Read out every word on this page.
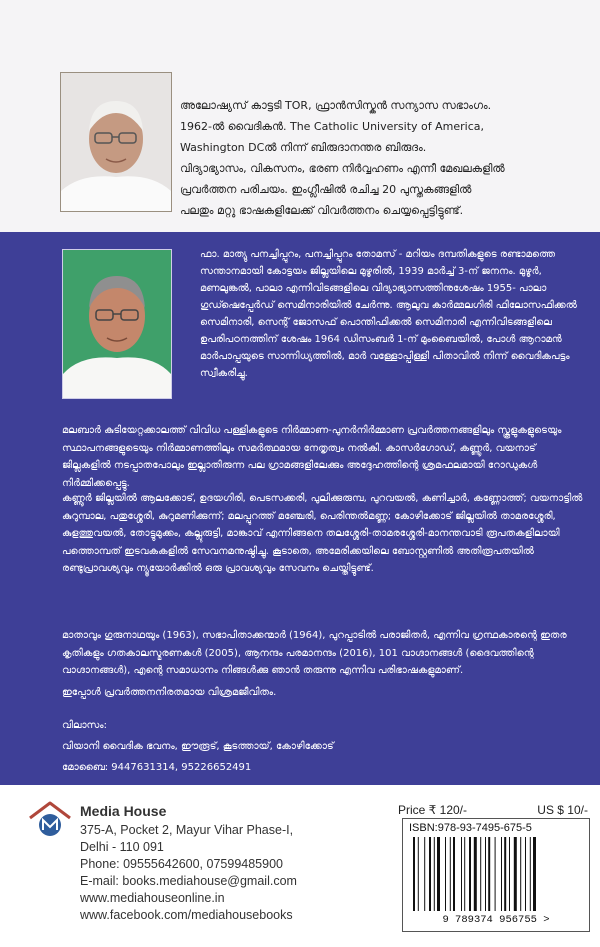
അലോഷ്യസ് കാട്ടടി TOR, ഫ്രാൻസിസ്കൻ സന്യാസ സഭാംഗം.
1962-ൽ വൈദികൻ. The Catholic University of America,
Washington DCൽ നിന്ന് ബിരുദാനന്തര ബിരുദം.
വിദ്യാഭ്യാസം, വികസനം, ഭരണ നിർവ്വഹണം എന്നീ മേഖലകളിൽ
പ്രവർത്തന പരിചയം. ഇംഗ്ലീഷിൽ രചിച്ച 20 പുസ്തകങ്ങളിൽ
പലതും മറ്റു ഭാഷകളിലേക്ക് വിവർത്തനം ചെയ്യപ്പെട്ടിട്ടുണ്ട്.
ഫാ. മാത്യു പനച്ചിപ്പുറം, പനച്ചിപ്പുറം തോമസ് - മറിയം ദമ്പതികളുടെ രണ്ടാമത്തെ സന്താനമായി കോട്ടയം ജില്ലയിലെ മുഴൂരിൽ, 1939 മാർച്ച് 3-ന് ജനനം. മുഴൂർ, മണലുങ്കൽ, പാലാ എന്നിവിടങ്ങളിലെ വിദ്യാഭ്യാസത്തിനുശേഷം 1955- പാലാ ഗുഡ്ഷെപ്പേർഡ് സെമിനാരിയിൽ ചേർന്നു. ആലുവ കാർമ്മലഗിരി ഫിലോസഫിക്കൽ സെമിനാരി, സെന്റ് ജോസഫ് പൊന്തിഫിക്കൽ സെമിനാരി എന്നിവിടങ്ങളിലെ ഉപരിപഠനത്തിന് ശേഷം 1964 ഡിസംബർ 1-ന് മുംബൈയിൽ, പോൾ ആറാമൻ മാർപാപ്പയുടെ സാന്നിധ്യത്തിൽ, മാർ വള്ളോപ്പിള്ളി പിതാവിൽ നിന്ന് വൈദികപട്ടം സ്വീകരിച്ചു.
മലബാർ കുടിയേറ്റക്കാലത്ത് വിവിധ പള്ളികളുടെ നിർമ്മാണ-പുനർനിർമ്മാണ പ്രവർത്തനങ്ങളിലും സ്കൂളുകളുടെയും സ്ഥാപനങ്ങളുടെയും നിർമ്മാണത്തിലും സമർത്ഥമായ നേതൃത്വം നൽകി. കാസർഗോഡ്, കണ്ണൂർ, വയനാട് ജില്ലകളിൽ നടപ്പാതപോലും ഇല്ലാതിരുന്ന പല ഗ്രാമങ്ങളിലേക്കും അദ്ദേഹത്തിന്റെ ശ്രമഫലമായി റോഡുകൾ നിർമ്മിക്കപ്പെട്ടു.
കണ്ണൂർ ജില്ലയിൽ ആലക്കോട്, ഉദയഗിരി, പെടസക്കരി, പുലിക്കുരുമ്പ, പുറവയൽ, കണിച്ചാർ, കണ്ണോത്ത്; വയനാട്ടിൽ കുറുമ്പാല, പതുശ്ശേരി, കുറുമണിക്കുന്ന്; മലപ്പുറത്ത് മഞ്ചേരി, പെരിന്തൽമണ്ണ; കോഴിക്കോട് ജില്ലയിൽ താമരശ്ശേരി, കുളത്തുവയൽ, തോട്ടുമുക്കം, കല്ലുരുട്ടി, മാങ്കാവ് എന്നിങ്ങനെ തലശ്ശേരി-താമരശ്ശേരി-മാനന്തവാടി രൂപതകളിലായി പത്തൊമ്പത് ഇടവകകളിൽ സേവനമനുഷ്ഠിച്ചു. കൂടാതെ, അമേരിക്കയിലെ ബോസ്റ്റണിൽ അതിരൂപതയിൽ രണ്ടുപ്രാവശ്യവും ന്യൂയോർക്കിൽ ഒരു പ്രാവശ്യവും സേവനം ചെയ്തിട്ടുണ്ട്.
മാതാവും ഗുരുനാഥയും (1963), സഭാപിതാക്കന്മാർ (1964), പുറപ്പാടിൽ പരാജിതർ, എന്നിവ ഗ്രന്ഥകാരന്റെ ഇതര കൃതികളും ഗതകാലസ്മരണകൾ (2005), ആനന്ദം പരമാനന്ദം (2016), 101 വാഗ്ദാനങ്ങൾ (ദൈവത്തിന്റെ വാഗ്ദാനങ്ങൾ), എന്റെ സമാധാനം നിങ്ങൾക്കു ഞാൻ തരുന്നു എന്നിവ പരിഭാഷകളുമാണ്.
ഇപ്പോൾ പ്രവർത്തനനിരതമായ വിശ്രമജീവിതം.
വിലാസം:
വിയാനി വൈദിക ഭവനം, ഈരൂട്, കൂടത്തായ്, കോഴിക്കോട്
മോബൈ: 9447631314, 95226652491
Media House
375-A, Pocket 2, Mayur Vihar Phase-I,
Delhi - 110 091
Phone: 09555642600, 07599485900
E-mail: books.mediahouse@gmail.com
www.mediahouseonline.in
www.facebook.com/mediahousebooks
Price ₹ 120/-	US $ 10/-
ISBN:978-93-7495-675-5
9 789374 956755 >
